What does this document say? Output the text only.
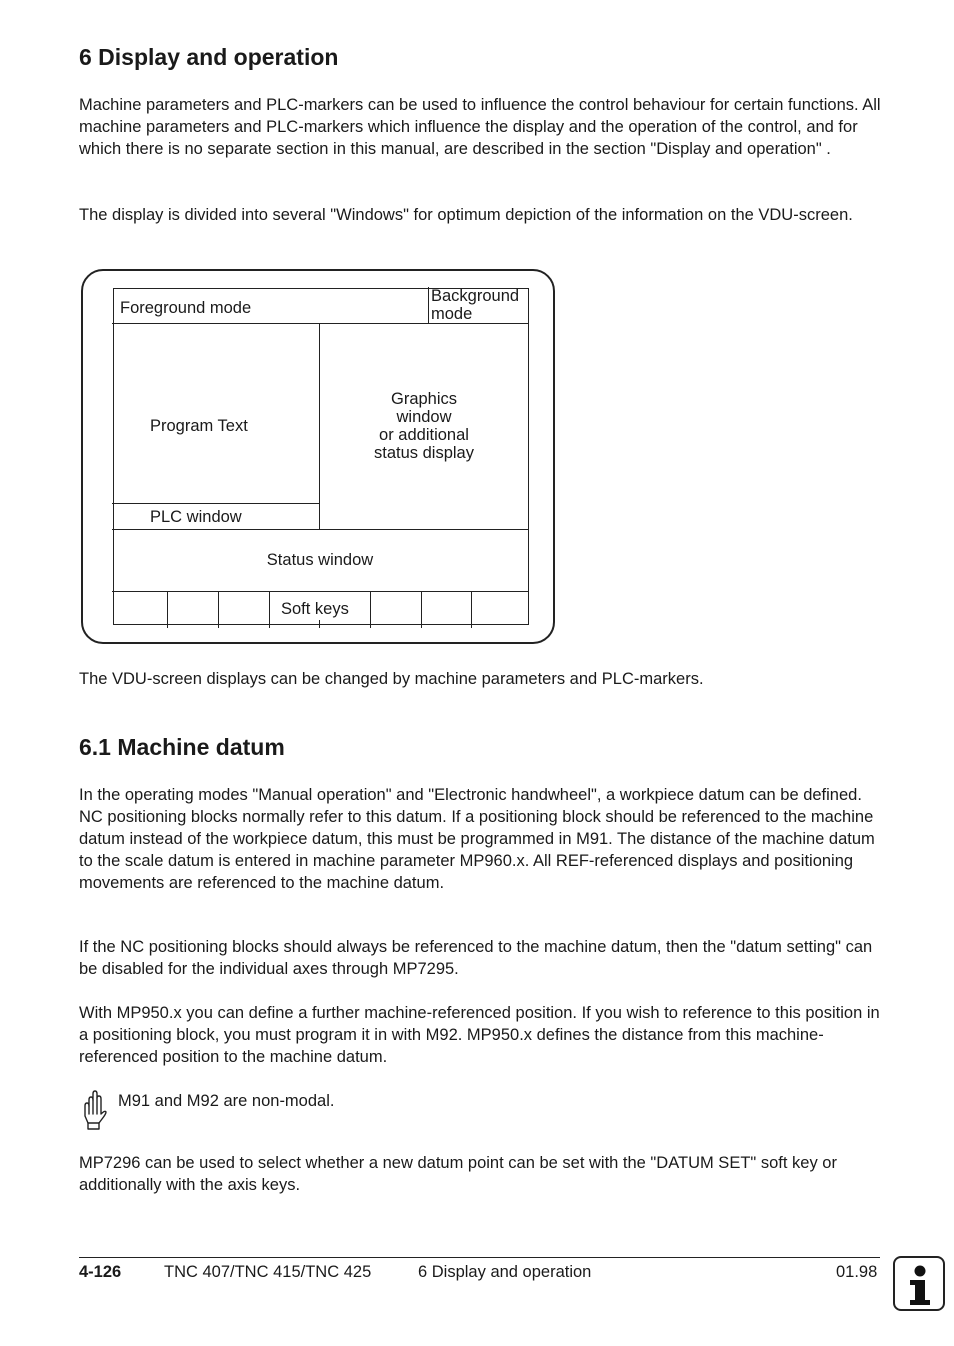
6 Display and operation

Machine parameters and PLC-markers can be used to influence the control behaviour for certain functions. All machine parameters and PLC-markers which influence the display and the operation of the control, and for which there is no separate section in this manual, are described in the section "Display and operation" .

The display is divided into several "Windows" for optimum depiction of the information on the VDU-screen.

Foreground mode
Background
mode
Program Text
PLC window
Graphics
window
or additional
status display
Status window
Soft keys

The VDU-screen displays can be changed by machine parameters and PLC-markers.

6.1 Machine datum

In the operating modes "Manual operation" and "Electronic handwheel", a workpiece datum can be defined. NC positioning blocks normally refer to this datum. If a positioning block should be referenced to the machine datum instead of the workpiece datum, this must be programmed in M91. The distance of the machine datum to the scale datum is entered in machine parameter MP960.x. All REF-referenced displays and positioning movements are referenced to the machine datum.

If the NC positioning blocks should always be referenced to the machine datum, then the "datum setting" can be disabled for the individual axes through MP7295.

With MP950.x you can define a further machine-referenced position. If you wish to reference to this position in a positioning block, you must program it in with M92. MP950.x defines the distance from this machine-referenced position to the machine datum.

M91 and M92 are non-modal.

MP7296 can be used to select whether a new datum point can be set with the "DATUM SET" soft key or additionally with the axis keys.

4-126	TNC 407/TNC 415/TNC 425	6 Display and operation	01.98
